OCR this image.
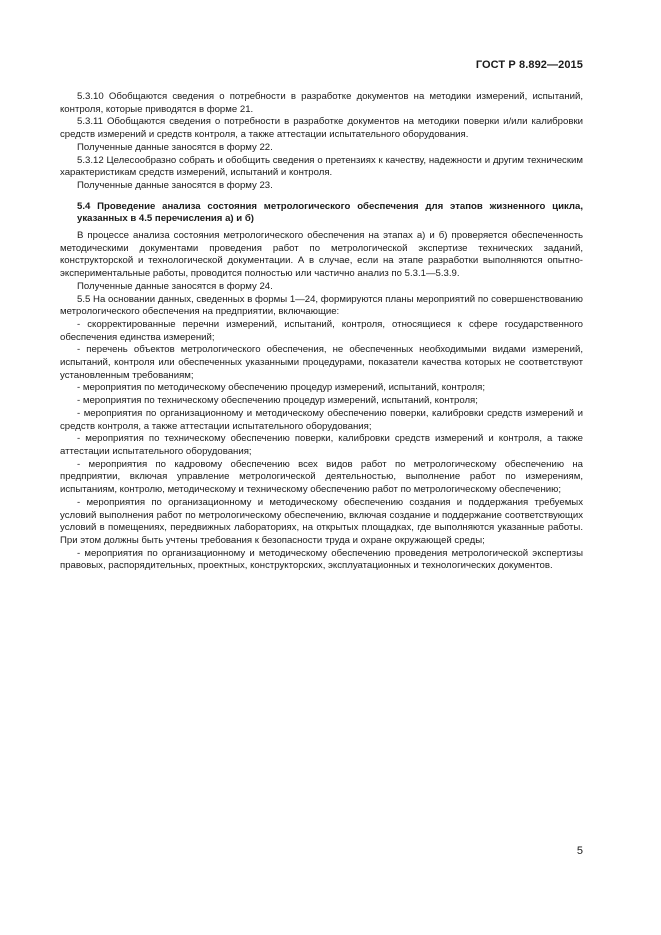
ГОСТ Р 8.892—2015

5.3.10 Обобщаются сведения о потребности в разработке документов на методики измерений, испытаний, контроля, которые приводятся в форме 21.

5.3.11 Обобщаются сведения о потребности в разработке документов на методики поверки и/или калибровки средств измерений и средств контроля, а также аттестации испытательного оборудования.

Полученные данные заносятся в форму 22.

5.3.12 Целесообразно собрать и обобщить сведения о претензиях к качеству, надежности и другим техническим характеристикам средств измерений, испытаний и контроля.

Полученные данные заносятся в форму 23.

5.4 Проведение анализа состояния метрологического обеспечения для этапов жизненного цикла, указанных в 4.5 перечисления а) и б)

В процессе анализа состояния метрологического обеспечения на этапах а) и б) проверяется обеспеченность методическими документами проведения работ по метрологической экспертизе технических заданий, конструкторской и технологической документации. А в случае, если на этапе разработки выполняются опытно-экспериментальные работы, проводится полностью или частично анализ по 5.3.1—5.3.9.

Полученные данные заносятся в форму 24.

5.5 На основании данных, сведенных в формы 1—24, формируются планы мероприятий по совершенствованию метрологического обеспечения на предприятии, включающие:

- скорректированные перечни измерений, испытаний, контроля, относящиеся к сфере государственного обеспечения единства измерений;

- перечень объектов метрологического обеспечения, не обеспеченных необходимыми видами измерений, испытаний, контроля или обеспеченных указанными процедурами, показатели качества которых не соответствуют установленным требованиям;

- мероприятия по методическому обеспечению процедур измерений, испытаний, контроля;

- мероприятия по техническому обеспечению процедур измерений, испытаний, контроля;

- мероприятия по организационному и методическому обеспечению поверки, калибровки средств измерений и средств контроля, а также аттестации испытательного оборудования;

- мероприятия по техническому обеспечению поверки, калибровки средств измерений и контроля, а также аттестации испытательного оборудования;

- мероприятия по кадровому обеспечению всех видов работ по метрологическому обеспечению на предприятии, включая управление метрологической деятельностью, выполнение работ по измерениям, испытаниям, контролю, методическому и техническому обеспечению работ по метрологическому обеспечению;

- мероприятия по организационному и методическому обеспечению создания и поддержания требуемых условий выполнения работ по метрологическому обеспечению, включая создание и поддержание соответствующих условий в помещениях, передвижных лабораториях, на открытых площадках, где выполняются указанные работы. При этом должны быть учтены требования к безопасности труда и охране окружающей среды;

- мероприятия по организационному и методическому обеспечению проведения метрологической экспертизы правовых, распорядительных, проектных, конструкторских, эксплуатационных и технологических документов.

5
